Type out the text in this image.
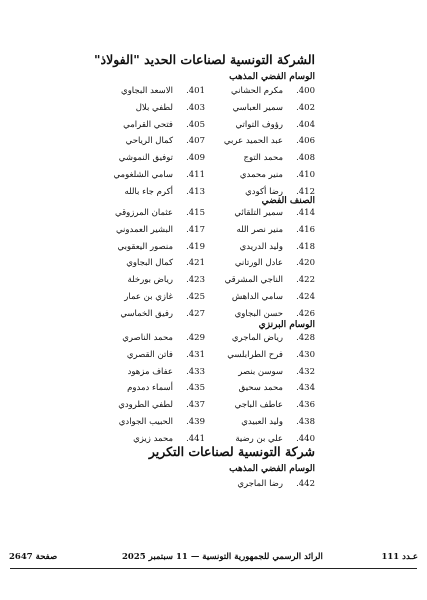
الشركة التونسية لصناعات الحديد "الفولاذ"
الوسام الفضي المذهب
400.مكرم الحشاني
402.سمير العباسي
404.رؤوف التواتي
406.عبد الحميد عربي
408.محمد التوج
410.منير محمدي
412.رضا أكودي
401.الاسعد البجاوي
403.لطفي بلال
405.فتحي القرامي
407.كمال الرياحي
409.توفيق النموشي
411.سامي الشلغومي
413.أكرم جاء بالله
الصنف الفضي
414.سمير التلقائي
416.منير نصر الله
418.وليد الدريدي
420.عادل الورتاني
422.الناجي المشرقي
424.سامي الداهش
426.حسن البجاوي
415.عثمان المرزوقي
417.البشير العمدوني
419.منصور اليعقوبي
421.كمال البجاوي
423.رياض بورخلة
425.غازي بن عمار
427.رفيق الخماسي
الوسام البرنزي
428.رياض الماجري
430.فرح الطرابلسي
432.سوسن بنصر
434.محمد سحيق
436.عاطف الباجي
438.وليد العبيدي
440.علي بن رضية
429.محمد الناصري
431.فاتن القصري
433.عفاف مزهود
435.أسماء دمدوم
437.لطفي الطرودي
439.الحبيب الجوادي
441.محمد زيزي
شركة التونسية لصناعات التكرير
الوسام الفضي المذهب
442.رضا الماجري
صفحة 2647	الرائد الرسمي للجمهورية التونسية — 11 سبتمبر 2025	عـدد 111
